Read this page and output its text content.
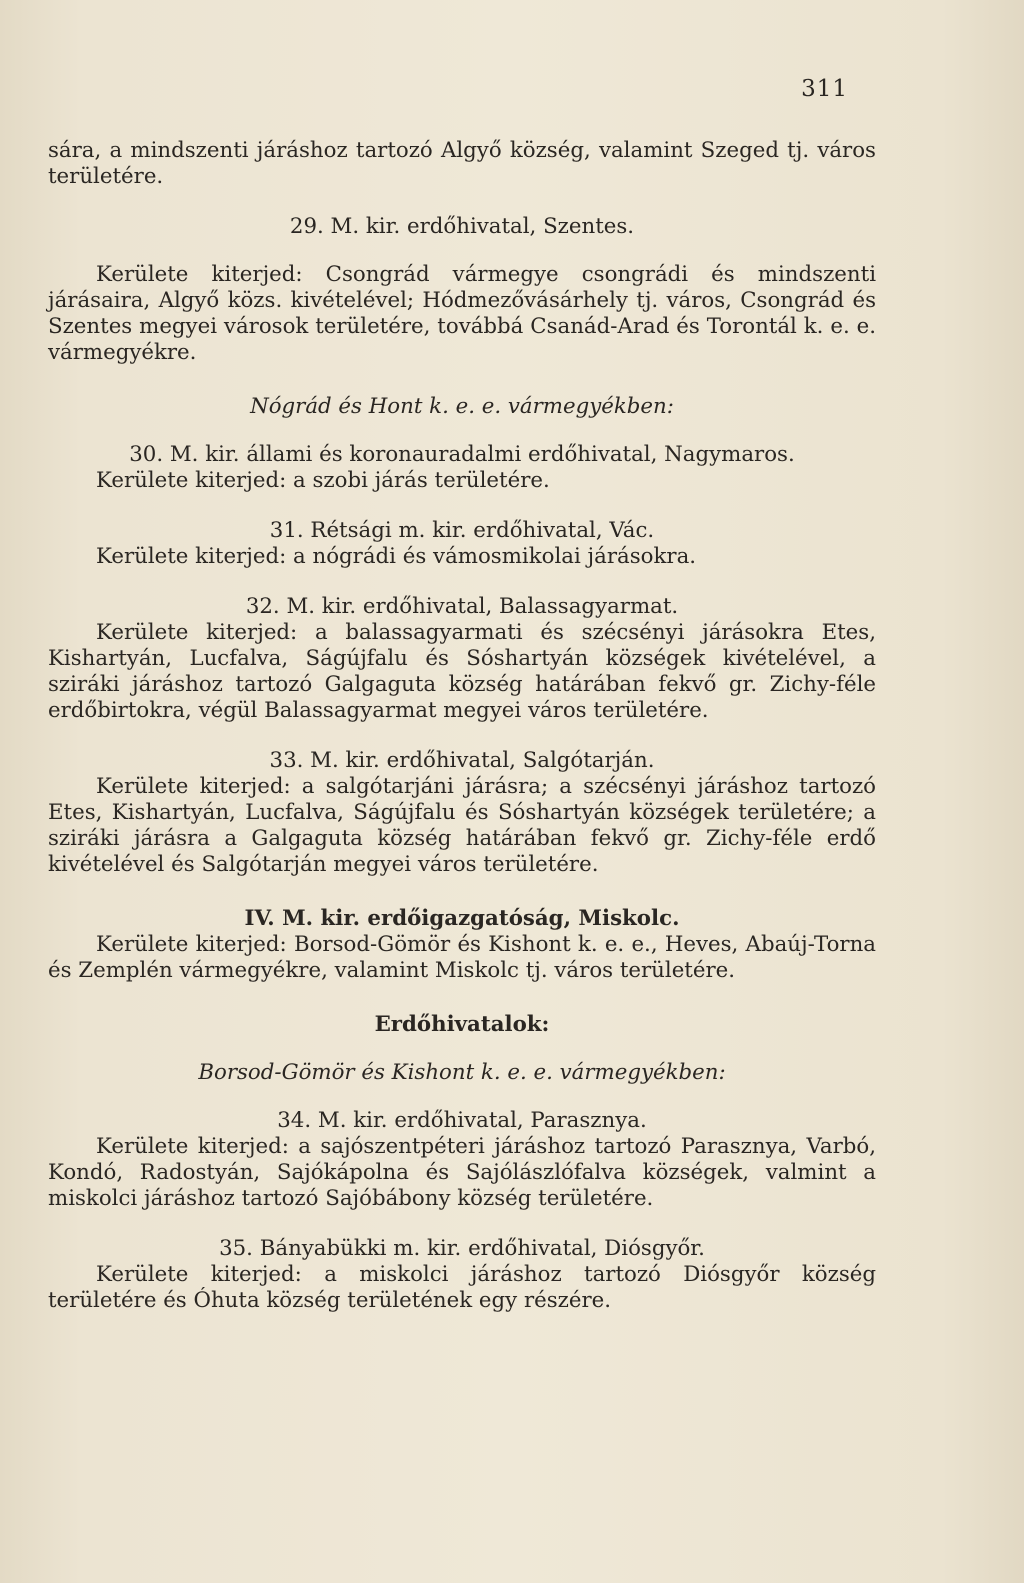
311

sára, a mindszenti járáshoz tartozó Algyő község, valamint Szeged tj. város területére.

29. M. kir. erdőhivatal, Szentes.

Kerülete kiterjed: Csongrád vármegye csongrádi és mindszenti járásaira, Algyő közs. kivételével; Hódmezővásárhely tj. város, Csongrád és Szentes megyei városok területére, továbbá Csanád-Arad és Torontál k. e. e. vármegyékre.

Nógrád és Hont k. e. e. vármegyékben:

30. M. kir. állami és koronauradalmi erdőhivatal, Nagymaros.

Kerülete kiterjed: a szobi járás területére.

31. Rétsági m. kir. erdőhivatal, Vác.

Kerülete kiterjed: a nógrádi és vámosmikolai járásokra.

32. M. kir. erdőhivatal, Balassagyarmat.

Kerülete kiterjed: a balassagyarmati és szécsényi járásokra Etes, Kishartyán, Lucfalva, Ságújfalu és Sóshartyán községek kivételével, a sziráki járáshoz tartozó Galgaguta község határában fekvő gr. Zichy-féle erdőbirtokra, végül Balassagyarmat megyei város területére.

33. M. kir. erdőhivatal, Salgótarján.

Kerülete kiterjed: a salgótarjáni járásra; a szécsényi járáshoz tartozó Etes, Kishartyán, Lucfalva, Ságújfalu és Sóshartyán községek területére; a sziráki járásra a Galgaguta község határában fekvő gr. Zichy-féle erdő kivételével és Salgótarján megyei város területére.

IV. M. kir. erdőigazgatóság, Miskolc.

Kerülete kiterjed: Borsod-Gömör és Kishont k. e. e., Heves, Abaúj-Torna és Zemplén vármegyékre, valamint Miskolc tj. város területére.

Erdőhivatalok:

Borsod-Gömör és Kishont k. e. e. vármegyékben:

34. M. kir. erdőhivatal, Parasznya.

Kerülete kiterjed: a sajószentpéteri járáshoz tartozó Parasznya, Varbó, Kondó, Radostyán, Sajókápolna és Sajólászlófalva községek, valmint a miskolci járáshoz tartozó Sajóbábony község területére.

35. Bányabükki m. kir. erdőhivatal, Diósgyőr.

Kerülete kiterjed: a miskolci járáshoz tartozó Diósgyőr község területére és Óhuta község területének egy részére.
